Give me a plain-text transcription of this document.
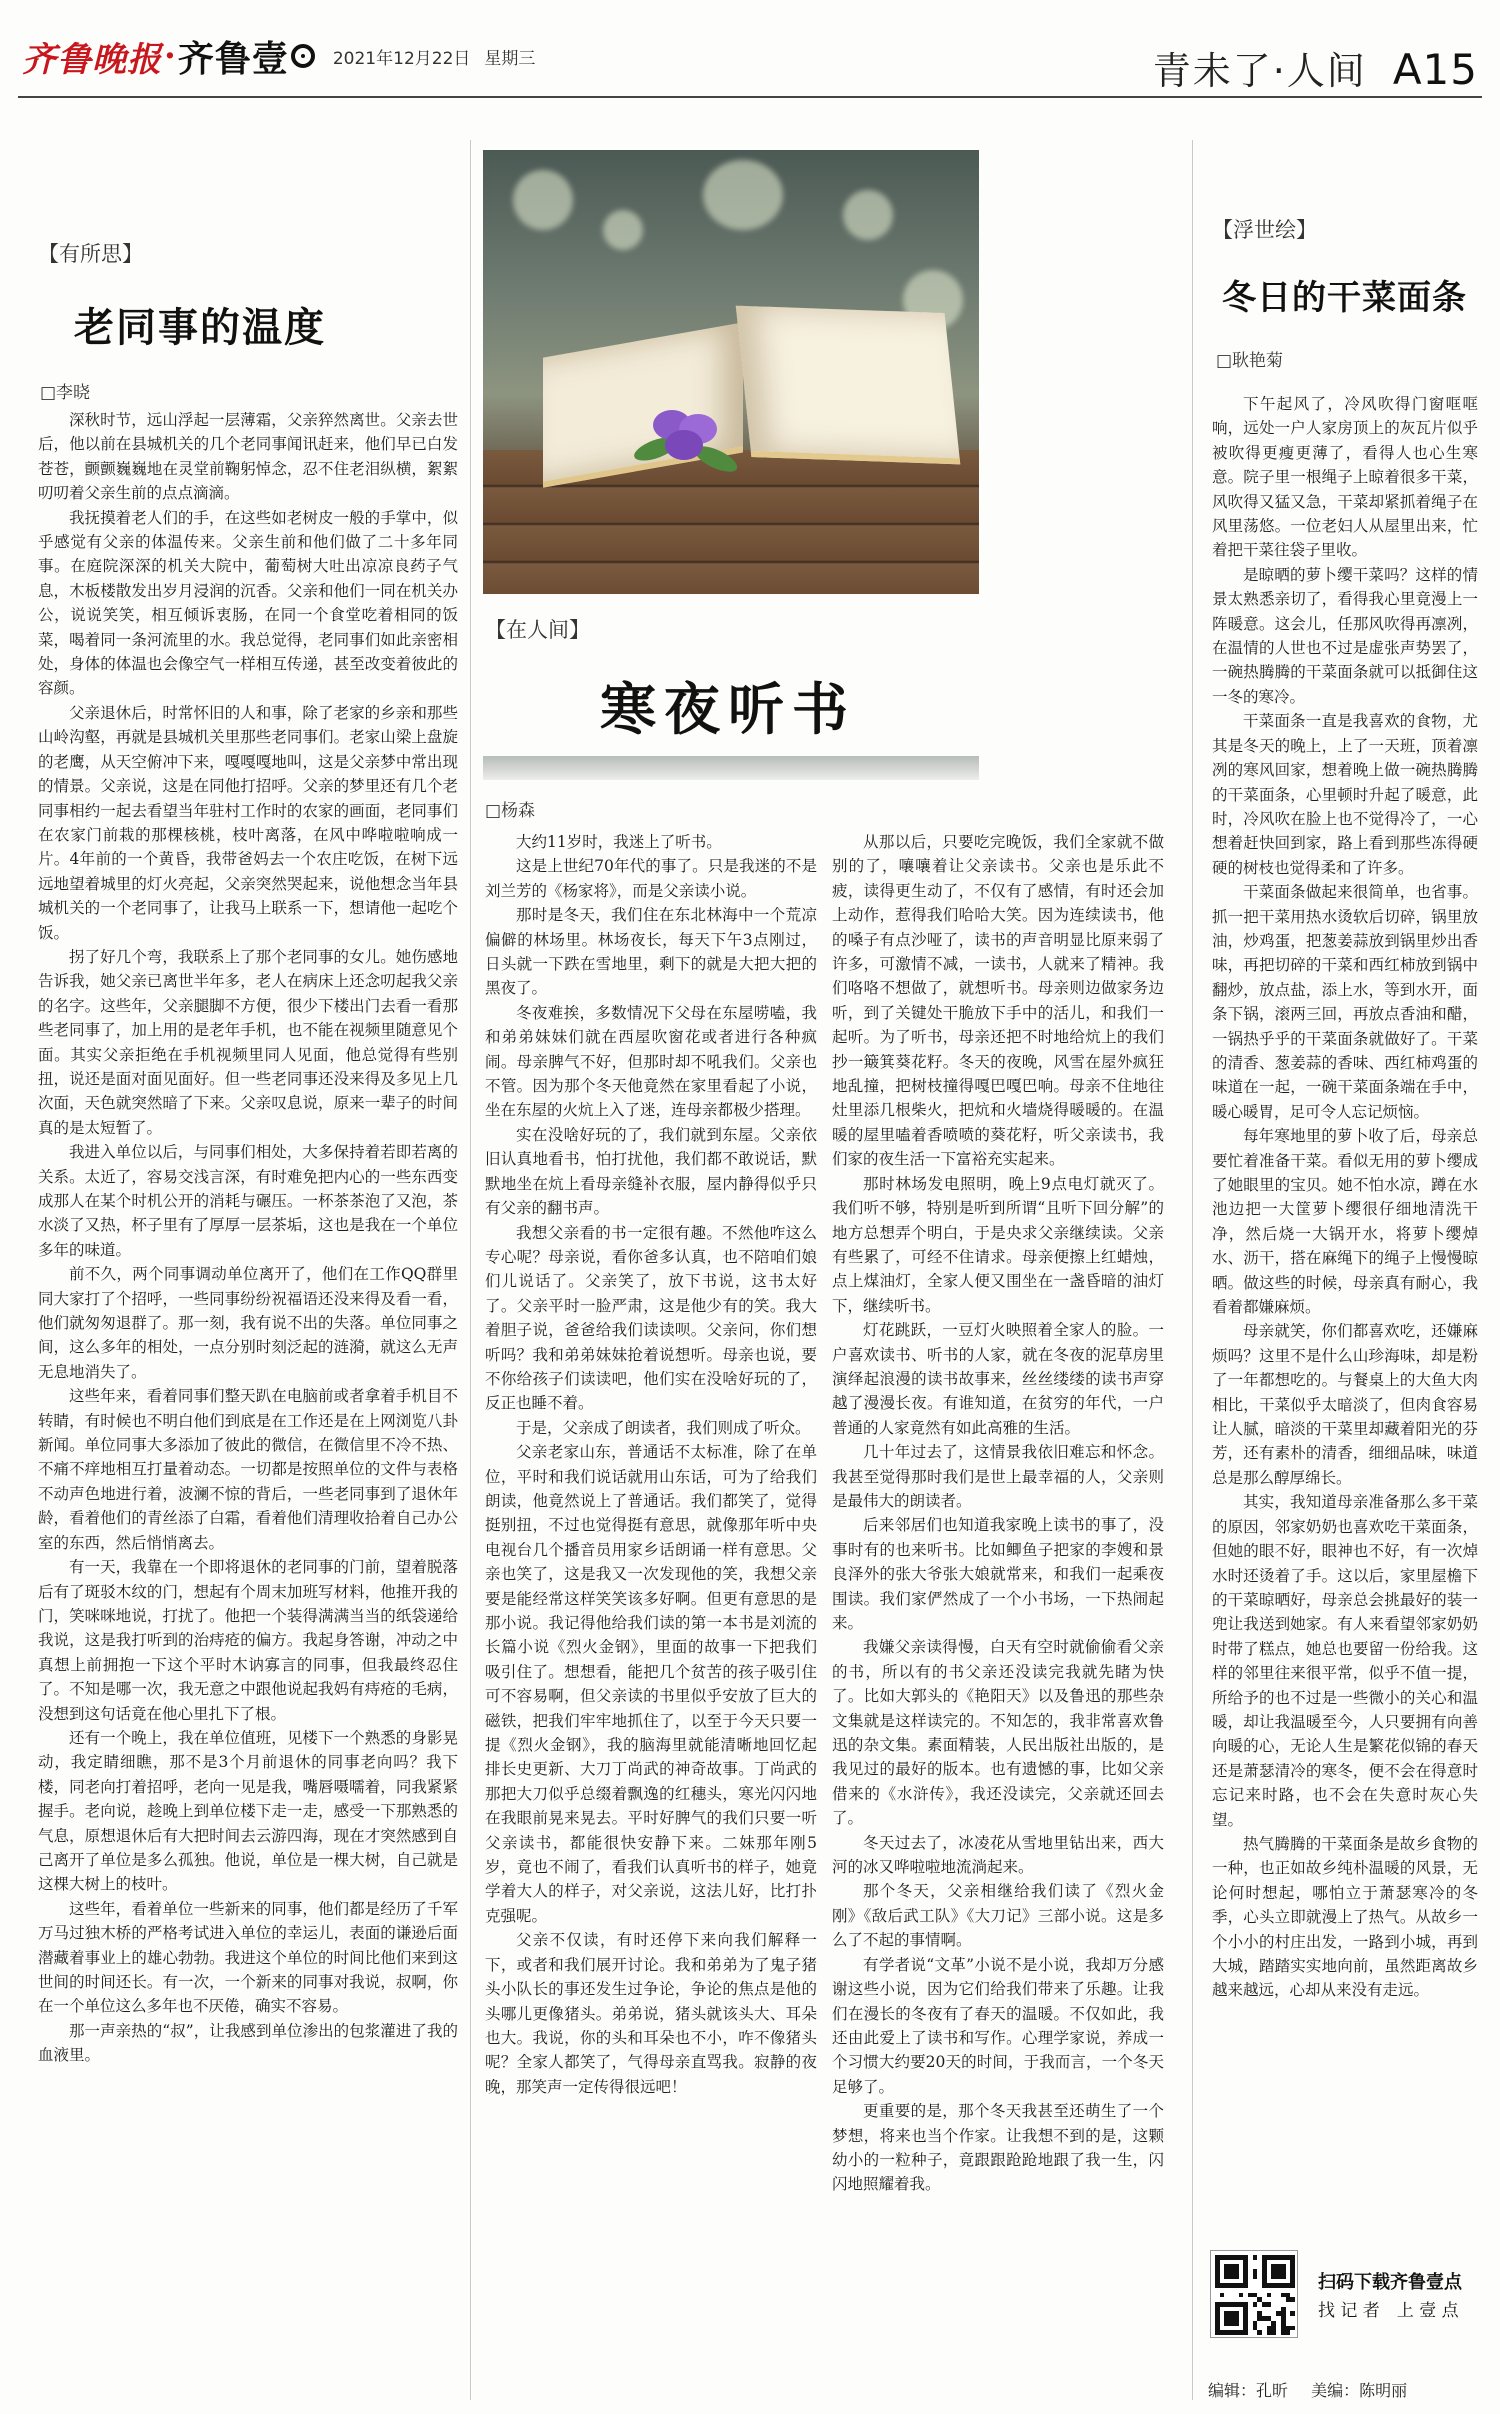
齐鲁晚报 · 齐鲁壹	2021年12月22日 星期三	青未了·人间 A15
【有所思】
老同事的温度
□李晓

深秋时节，远山浮起一层薄霜，父亲猝然离世。父亲去世后，他以前在县城机关的几个老同事闻讯赶来，他们早已白发苍苍，颤颤巍巍地在灵堂前鞠躬悼念，忍不住老泪纵横，絮絮叨叨着父亲生前的点点滴滴。

我抚摸着老人们的手，在这些如老树皮一般的手掌中，似乎感觉有父亲的体温传来。父亲生前和他们做了二十多年同事。在庭院深深的机关大院中，葡萄树大吐出凉凉良药子气息，木板楼散发出岁月浸润的沉香。父亲和他们一同在机关办公，说说笑笑，相互倾诉衷肠，在同一个食堂吃着相同的饭菜，喝着同一条河流里的水。我总觉得，老同事们如此亲密相处，身体的体温也会像空气一样相互传递，甚至改变着彼此的容颜。

父亲退休后，时常怀旧的人和事，除了老家的乡亲和那些山岭沟壑，再就是县城机关里那些老同事们。老家山梁上盘旋的老鹰，从天空俯冲下来，嘎嘎嘎地叫，这是父亲梦中常出现的情景。父亲说，这是在同他打招呼。父亲的梦里还有几个老同事相约一起去看望当年驻村工作时的农家的画面，老同事们在农家门前栽的那棵核桃，枝叶离落，在风中哗啦啦响成一片。4年前的一个黄昏，我带爸妈去一个农庄吃饭，在树下远远地望着城里的灯火亮起，父亲突然哭起来，说他想念当年县城机关的一个老同事了，让我马上联系一下，想请他一起吃个饭。

拐了好几个弯，我联系上了那个老同事的女儿。她伤感地告诉我，她父亲已离世半年多，老人在病床上还念叨起我父亲的名字。这些年，父亲腿脚不方便，很少下楼出门去看一看那些老同事了，加上用的是老年手机，也不能在视频里随意见个面。其实父亲拒绝在手机视频里同人见面，他总觉得有些别扭，说还是面对面见面好。但一些老同事还没来得及多见上几次面，天色就突然暗了下来。父亲叹息说，原来一辈子的时间真的是太短暂了。

我进入单位以后，与同事们相处，大多保持着若即若离的关系。太近了，容易交浅言深，有时难免把内心的一些东西变成那人在某个时机公开的消耗与碾压。一杯茶茶泡了又泡，茶水淡了又热，杯子里有了厚厚一层茶垢，这也是我在一个单位多年的味道。

前不久，两个同事调动单位离开了，他们在工作QQ群里同大家打了个招呼，一些同事纷纷祝福语还没来得及看一看，他们就匆匆退群了。那一刻，我有说不出的失落。单位同事之间，这么多年的相处，一点分别时刻泛起的涟漪，就这么无声无息地消失了。

这些年来，看着同事们整天趴在电脑前或者拿着手机目不转睛，有时候也不明白他们到底是在工作还是在上网浏览八卦新闻。单位同事大多添加了彼此的微信，在微信里不冷不热、不痛不痒地相互打量着动态。一切都是按照单位的文件与表格不动声色地进行着，波澜不惊的背后，一些老同事到了退休年龄，看着他们的青丝添了白霜，看着他们清理收拾着自己办公室的东西，然后悄悄离去。

有一天，我靠在一个即将退休的老同事的门前，望着脱落后有了斑驳木纹的门，想起有个周末加班写材料，他推开我的门，笑咪咪地说，打扰了。他把一个装得满满当当的纸袋递给我说，这是我打听到的治痔疮的偏方。我起身答谢，冲动之中真想上前拥抱一下这个平时木讷寡言的同事，但我最终忍住了。不知是哪一次，我无意之中跟他说起我妈有痔疮的毛病，没想到这句话竟在他心里扎下了根。

还有一个晚上，我在单位值班，见楼下一个熟悉的身影晃动，我定睛细瞧，那不是3个月前退休的同事老向吗？我下楼，同老向打着招呼，老向一见是我，嘴唇嗫嚅着，同我紧紧握手。老向说，趁晚上到单位楼下走一走，感受一下那熟悉的气息，原想退休后有大把时间去云游四海，现在才突然感到自己离开了单位是多么孤独。他说，单位是一棵大树，自己就是这棵大树上的枝叶。

这些年，看着单位一些新来的同事，他们都是经历了千军万马过独木桥的严格考试进入单位的幸运儿，表面的谦逊后面潜藏着事业上的雄心勃勃。我进这个单位的时间比他们来到这世间的时间还长。有一次，一个新来的同事对我说，叔啊，你在一个单位这么多年也不厌倦，确实不容易。

那一声亲热的“叔”，让我感到单位渗出的包浆灌进了我的血液里。

【在人间】
寒夜听书
□杨森

大约11岁时，我迷上了听书。

这是上世纪70年代的事了。只是我迷的不是刘兰芳的《杨家将》，而是父亲读小说。

那时是冬天，我们住在东北林海中一个荒凉偏僻的林场里。林场夜长，每天下午3点刚过，日头就一下跌在雪地里，剩下的就是大把大把的黑夜了。

冬夜难挨，多数情况下父母在东屋唠嗑，我和弟弟妹妹们就在西屋吹窗花或者进行各种疯闹。母亲脾气不好，但那时却不吼我们。父亲也不管。因为那个冬天他竟然在家里看起了小说，坐在东屋的火炕上入了迷，连母亲都极少搭理。

实在没啥好玩的了，我们就到东屋。父亲依旧认真地看书，怕打扰他，我们都不敢说话，默默地坐在炕上看母亲缝补衣服，屋内静得似乎只有父亲的翻书声。

我想父亲看的书一定很有趣。不然他咋这么专心呢？母亲说，看你爸多认真，也不陪咱们娘们儿说话了。父亲笑了，放下书说，这书太好了。父亲平时一脸严肃，这是他少有的笑。我大着胆子说，爸爸给我们读读呗。父亲问，你们想听吗？我和弟弟妹妹抢着说想听。母亲也说，要不你给孩子们读读吧，他们实在没啥好玩的了，反正也睡不着。

于是，父亲成了朗读者，我们则成了听众。

父亲老家山东，普通话不太标准，除了在单位，平时和我们说话就用山东话，可为了给我们朗读，他竟然说上了普通话。我们都笑了，觉得挺别扭，不过也觉得挺有意思，就像那年听中央电视台几个播音员用家乡话朗诵一样有意思。父亲也笑了，这是我又一次发现他的笑，我想父亲要是能经常这样笑笑该多好啊。但更有意思的是那小说。我记得他给我们读的第一本书是刘流的长篇小说《烈火金钢》，里面的故事一下把我们吸引住了。想想看，能把几个贫苦的孩子吸引住可不容易啊，但父亲读的书里似乎安放了巨大的磁铁，把我们牢牢地抓住了，以至于今天只要一提《烈火金钢》，我的脑海里就能清晰地回忆起排长史更新、大刀丁尚武的神奇故事。丁尚武的那把大刀似乎总缀着飘逸的红穗头，寒光闪闪地在我眼前晃来晃去。平时好脾气的我们只要一听父亲读书，都能很快安静下来。二妹那年刚5岁，竟也不闹了，看我们认真听书的样子，她竟学着大人的样子，对父亲说，这法儿好，比打扑克强呢。

父亲不仅读，有时还停下来向我们解释一下，或者和我们展开讨论。我和弟弟为了鬼子猪头小队长的事还发生过争论，争论的焦点是他的头哪儿更像猪头。弟弟说，猪头就该头大、耳朵也大。我说，你的头和耳朵也不小，咋不像猪头呢？全家人都笑了，气得母亲直骂我。寂静的夜晚，那笑声一定传得很远吧！

从那以后，只要吃完晚饭，我们全家就不做别的了，嚷嚷着让父亲读书。父亲也是乐此不疲，读得更生动了，不仅有了感情，有时还会加上动作，惹得我们哈哈大笑。因为连续读书，他的嗓子有点沙哑了，读书的声音明显比原来弱了许多，可激情不减，一读书，人就来了精神。我们咯咯不想做了，就想听书。母亲则边做家务边听，到了关键处干脆放下手中的活儿，和我们一起听。为了听书，母亲还把不时地给炕上的我们抄一簸箕葵花籽。冬天的夜晚，风雪在屋外疯狂地乱撞，把树枝撞得嘎巴嘎巴响。母亲不住地往灶里添几根柴火，把炕和火墙烧得暖暖的。在温暖的屋里嗑着香喷喷的葵花籽，听父亲读书，我们家的夜生活一下富裕充实起来。

那时林场发电照明，晚上9点电灯就灭了。我们听不够，特别是听到所谓“且听下回分解”的地方总想弄个明白，于是央求父亲继续读。父亲有些累了，可经不住请求。母亲便擦上红蜡烛，点上煤油灯，全家人便又围坐在一盏昏暗的油灯下，继续听书。

灯花跳跃，一豆灯火映照着全家人的脸。一户喜欢读书、听书的人家，就在冬夜的泥草房里演绎起浪漫的读书故事来，丝丝缕缕的读书声穿越了漫漫长夜。有谁知道，在贫穷的年代，一户普通的人家竟然有如此高雅的生活。

几十年过去了，这情景我依旧难忘和怀念。我甚至觉得那时我们是世上最幸福的人，父亲则是最伟大的朗读者。

后来邻居们也知道我家晚上读书的事了，没事时有的也来听书。比如鲫鱼子把家的李嫂和景良泽外的张大爷张大娘就常来，和我们一起乘夜围读。我们家俨然成了一个小书场，一下热闹起来。

我嫌父亲读得慢，白天有空时就偷偷看父亲的书，所以有的书父亲还没读完我就先睹为快了。比如大郭头的《艳阳天》以及鲁迅的那些杂文集就是这样读完的。不知怎的，我非常喜欢鲁迅的杂文集。素面精装，人民出版社出版的，是我见过的最好的版本。也有遗憾的事，比如父亲借来的《水浒传》，我还没读完，父亲就还回去了。

冬天过去了，冰凌花从雪地里钻出来，西大河的冰又哗啦啦地流淌起来。

那个冬天，父亲相继给我们读了《烈火金刚》《敌后武工队》《大刀记》三部小说。这是多么了不起的事情啊。

有学者说“文革”小说不是小说，我却万分感谢这些小说，因为它们给我们带来了乐趣。让我们在漫长的冬夜有了春天的温暖。不仅如此，我还由此爱上了读书和写作。心理学家说，养成一个习惯大约要20天的时间，于我而言，一个冬天足够了。

更重要的是，那个冬天我甚至还萌生了一个梦想，将来也当个作家。让我想不到的是，这颗幼小的一粒种子，竟跟跟跄跄地跟了我一生，闪闪地照耀着我。

【浮世绘】
冬日的干菜面条
□耿艳菊

下午起风了，冷风吹得门窗哐哐响，远处一户人家房顶上的灰瓦片似乎被吹得更瘦更薄了，看得人也心生寒意。院子里一根绳子上晾着很多干菜，风吹得又猛又急，干菜却紧抓着绳子在风里荡悠。一位老妇人从屋里出来，忙着把干菜往袋子里收。

是晾晒的萝卜缨干菜吗？这样的情景太熟悉亲切了，看得我心里竟漫上一阵暖意。这会儿，任那风吹得再凛冽，在温情的人世也不过是虚张声势罢了，一碗热腾腾的干菜面条就可以抵御住这一冬的寒冷。

干菜面条一直是我喜欢的食物，尤其是冬天的晚上，上了一天班，顶着凛冽的寒风回家，想着晚上做一碗热腾腾的干菜面条，心里顿时升起了暖意，此时，冷风吹在脸上也不觉得冷了，一心想着赶快回到家，路上看到那些冻得硬硬的树枝也觉得柔和了许多。

干菜面条做起来很简单，也省事。抓一把干菜用热水烫软后切碎，锅里放油，炒鸡蛋，把葱姜蒜放到锅里炒出香味，再把切碎的干菜和西红柿放到锅中翻炒，放点盐，添上水，等到水开，面条下锅，滚两三回，再放点香油和醋，一锅热乎乎的干菜面条就做好了。干菜的清香、葱姜蒜的香味、西红柿鸡蛋的味道在一起，一碗干菜面条端在手中，暖心暖胃，足可令人忘记烦恼。

每年寒地里的萝卜收了后，母亲总要忙着准备干菜。看似无用的萝卜缨成了她眼里的宝贝。她不怕水凉，蹲在水池边把一大筐萝卜缨很仔细地清洗干净，然后烧一大锅开水，将萝卜缨焯水、沥干，搭在麻绳下的绳子上慢慢晾晒。做这些的时候，母亲真有耐心，我看着都嫌麻烦。

母亲就笑，你们都喜欢吃，还嫌麻烦吗？这里不是什么山珍海味，却是粉了一年都想吃的。与餐桌上的大鱼大肉相比，干菜似乎太暗淡了，但肉食容易让人腻，暗淡的干菜里却藏着阳光的芬芳，还有素朴的清香，细细品味，味道总是那么醇厚绵长。

其实，我知道母亲准备那么多干菜的原因，邻家奶奶也喜欢吃干菜面条，但她的眼不好，眼神也不好，有一次焯水时还烫着了手。这以后，家里屋檐下的干菜晾晒好，母亲总会挑最好的装一兜让我送到她家。有人来看望邻家奶奶时带了糕点，她总也要留一份给我。这样的邻里往来很平常，似乎不值一提，所给予的也不过是一些微小的关心和温暖，却让我温暖至今，人只要拥有向善向暖的心，无论人生是繁花似锦的春天还是萧瑟清冷的寒冬，便不会在得意时忘记来时路，也不会在失意时灰心失望。

热气腾腾的干菜面条是故乡食物的一种，也正如故乡纯朴温暖的风景，无论何时想起，哪怕立于萧瑟寒冷的冬季，心头立即就漫上了热气。从故乡一个小小的村庄出发，一路到小城，再到大城，踏踏实实地向前，虽然距离故乡越来越远，心却从来没有走远。

扫码下载齐鲁壹点
找 记 者　上 壹 点
编辑：孔昕 美编：陈明丽
